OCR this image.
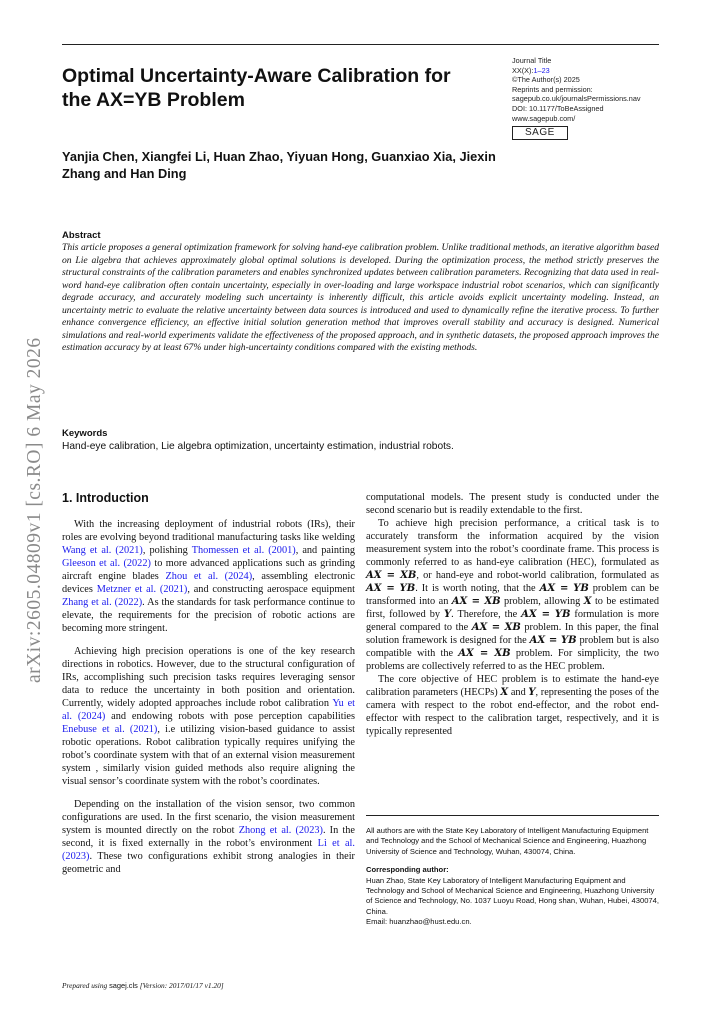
arXiv:2605.04809v1 [cs.RO] 6 May 2026
Optimal Uncertainty-Aware Calibration for the AX=YB Problem
Journal Title
XX(X):1–23
©The Author(s) 2025
Reprints and permission:
sagepub.co.uk/journalsPermissions.nav
DOI: 10.1177/ToBeAssigned
www.sagepub.com/
SAGE
Yanjia Chen, Xiangfei Li, Huan Zhao, Yiyuan Hong, Guanxiao Xia, Jiexin Zhang and Han Ding
Abstract
This article proposes a general optimization framework for solving hand-eye calibration problem. Unlike traditional methods, an iterative algorithm based on Lie algebra that achieves approximately global optimal solutions is developed. During the optimization process, the method strictly preserves the structural constraints of the calibration parameters and enables synchronized updates between calibration parameters. Recognizing that data used in real-word hand-eye calibration often contain uncertainty, especially in over-loading and large workspace industrial robot scenarios, which can significantly degrade accuracy, and accurately modeling such uncertainty is inherently difficult, this article avoids explicit uncertainty modeling. Instead, an uncertainty metric to evaluate the relative uncertainty between data sources is introduced and used to dynamically refine the iterative process. To further enhance convergence efficiency, an effective initial solution generation method that improves overall stability and accuracy is designed. Numerical simulations and real-world experiments validate the effectiveness of the proposed approach, and in synthetic datasets, the proposed approach improves the estimation accuracy by at least 67% under high-uncertainty conditions compared with the existing methods.
Keywords
Hand-eye calibration, Lie algebra optimization, uncertainty estimation, industrial robots.
1. Introduction

With the increasing deployment of industrial robots (IRs), their roles are evolving beyond traditional manufacturing tasks like welding Wang et al. (2021), polishing Thomessen et al. (2001), and painting Gleeson et al. (2022) to more advanced applications such as grinding aircraft engine blades Zhou et al. (2024), assembling electronic devices Metzner et al. (2021), and constructing aerospace equipment Zhang et al. (2022). As the standards for task performance continue to elevate, the requirements for the precision of robotic actions are becoming more stringent.

Achieving high precision operations is one of the key research directions in robotics. However, due to the structural configuration of IRs, accomplishing such precision tasks requires leveraging sensor data to reduce the uncertainty in both position and orientation. Currently, widely adopted approaches include robot calibration Yu et al. (2024) and endowing robots with pose perception capabilities Enebuse et al. (2021), i.e utilizing vision-based guidance to assist robotic operations. Robot calibration typically requires unifying the robot’s coordinate system with that of an external vision measurement system , similarly vision guided methods also require aligning the visual sensor’s coordinate system with the robot’s coordinates.

Depending on the installation of the vision sensor, two common configurations are used. In the first scenario, the vision measurement system is mounted directly on the robot Zhong et al. (2023). In the second, it is fixed externally in the robot’s environment Li et al. (2023). These two configurations exhibit strong analogies in their geometric and

computational models. The present study is conducted under the second scenario but is readily extendable to the first.

To achieve high precision performance, a critical task is to accurately transform the information acquired by the vision measurement system into the robot’s coordinate frame. This process is commonly referred to as hand-eye calibration (HEC), formulated as AX = XB, or hand-eye and robot-world calibration, formulated as AX = YB. It is worth noting, that the AX = YB problem can be transformed into an AX = XB problem, allowing X to be estimated first, followed by Y. Therefore, the AX = YB formulation is more general compared to the AX = XB problem. In this paper, the final solution framework is designed for the AX = YB problem but is also compatible with the AX = XB problem. For simplicity, the two problems are collectively referred to as the HEC problem.

The core objective of HEC problem is to estimate the hand-eye calibration parameters (HECPs) X and Y, representing the poses of the camera with respect to the robot end-effector, and the robot end-effector with respect to the calibration target, respectively, and it is typically represented

All authors are with the State Key Laboratory of Intelligent Manufacturing Equipment and Technology and the School of Mechanical Science and Engineering, Huazhong University of Science and Technology, Wuhan, 430074, China.

Corresponding author:
Huan Zhao, State Key Laboratory of Intelligent Manufacturing Equipment and Technology and School of Mechanical Science and Engineering, Huazhong University of Science and Technology, No. 1037 Luoyu Road, Hong shan, Wuhan, Hubei, 430074, China.
Email: huanzhao@hust.edu.cn.
Prepared using sagej.cls [Version: 2017/01/17 v1.20]
